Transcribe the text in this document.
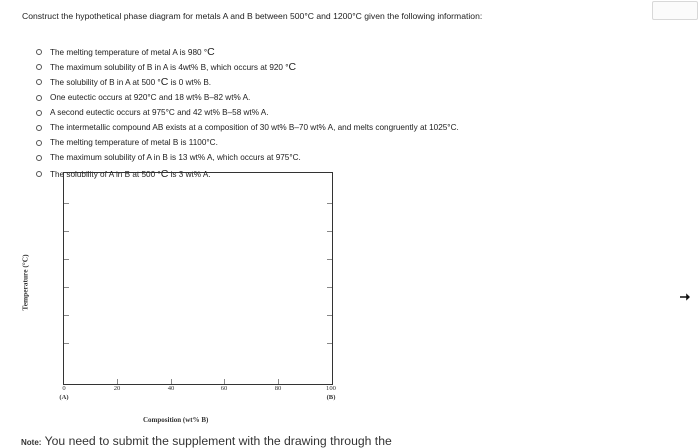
Construct the hypothetical phase diagram for metals A and B between 500°C and 1200°C given the following information:
The melting temperature of metal A is 980 °C
The maximum solubility of B in A is 4wt% B, which occurs at 920 °C
The solubility of B in A at 500 °C is 0 wt% B.
One eutectic occurs at 920°C and 18 wt% B–82 wt% A.
A second eutectic occurs at 975°C and 42 wt% B–58 wt% A.
The intermetallic compound AB exists at a composition of 30 wt% B–70 wt% A, and melts congruently at 1025°C.
The melting temperature of metal B is 1100°C.
The maximum solubility of A in B is 13 wt% A, which occurs at 975°C.
The solubility of A in B at 500 °C is 3 wt% A.
Temperature (°C)
0	20	40	60	80	100
(A)	(B)
Composition (wt% B)
Note: You need to submit the supplement with the drawing through the
